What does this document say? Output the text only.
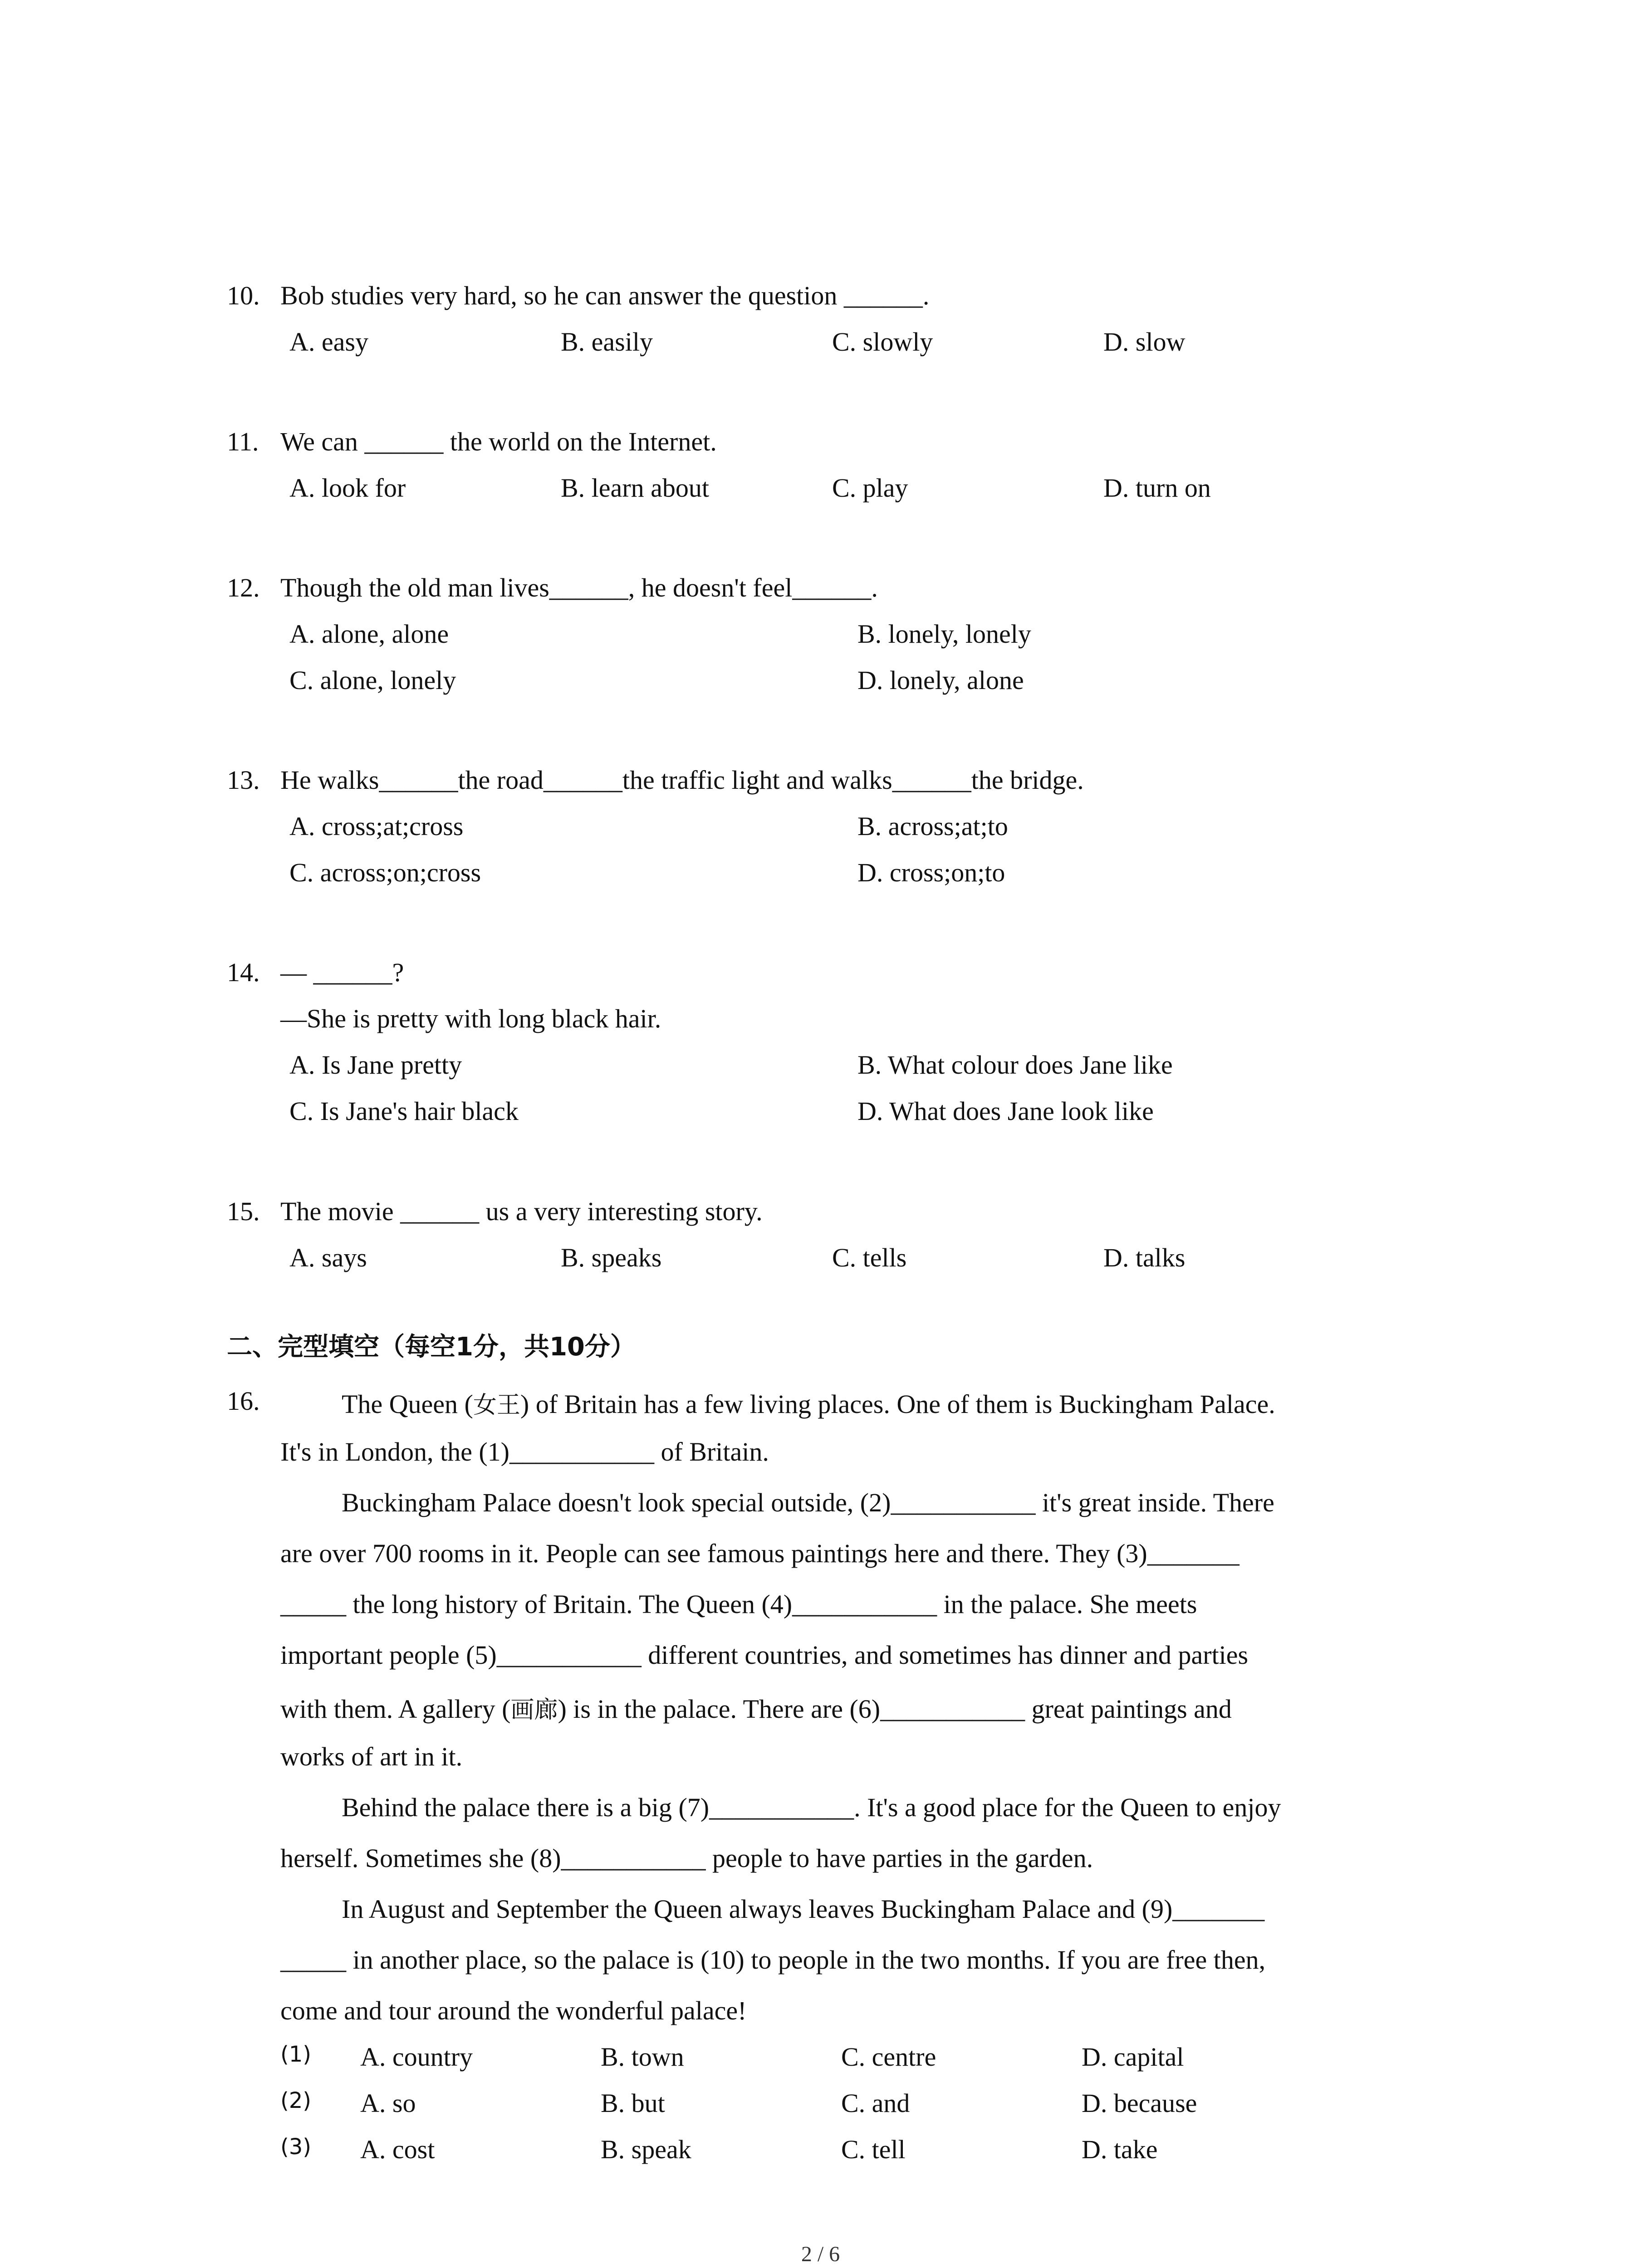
10. Bob studies very hard, so he can answer the question ______.
A. easy	B. easily	C. slowly	D. slow
11. We can ______ the world on the Internet.
A. look for	B. learn about	C. play	D. turn on
12. Though the old man lives______, he doesn't feel______.
A. alone, alone	B. lonely, lonely
C. alone, lonely	D. lonely, alone
13. He walks______the road______the traffic light and walks______the bridge.
A. cross;at;cross	B. across;at;to
C. across;on;cross	D. cross;on;to
14. — ______?
—She is pretty with long black hair.
A. Is Jane pretty	B. What colour does Jane like
C. Is Jane's hair black	D. What does Jane look like
15. The movie ______ us a very interesting story.
A. says	B. speaks	C. tells	D. talks
二、完型填空（每空1分，共10分）
16.	The Queen (女王) of Britain has a few living places. One of them is Buckingham Palace.
It's in London, the (1)___________ of Britain.
Buckingham Palace doesn't look special outside, (2)___________ it's great inside. There
are over 700 rooms in it. People can see famous paintings here and there. They (3)_______
_____ the long history of Britain. The Queen (4)___________ in the palace. She meets
important people (5)___________ different countries, and sometimes has dinner and parties
with them. A gallery (画廊) is in the palace. There are (6)___________ great paintings and
works of art in it.
Behind the palace there is a big (7)___________. It's a good place for the Queen to enjoy
herself. Sometimes she (8)___________ people to have parties in the garden.
In August and September the Queen always leaves Buckingham Palace and (9)_______
_____ in another place, so the palace is (10) to people in the two months. If you are free then,
come and tour around the wonderful palace!
(1) A. country	B. town	C. centre	D. capital
(2) A. so	B. but	C. and	D. because
(3) A. cost	B. speak	C. tell	D. take
2 / 6
